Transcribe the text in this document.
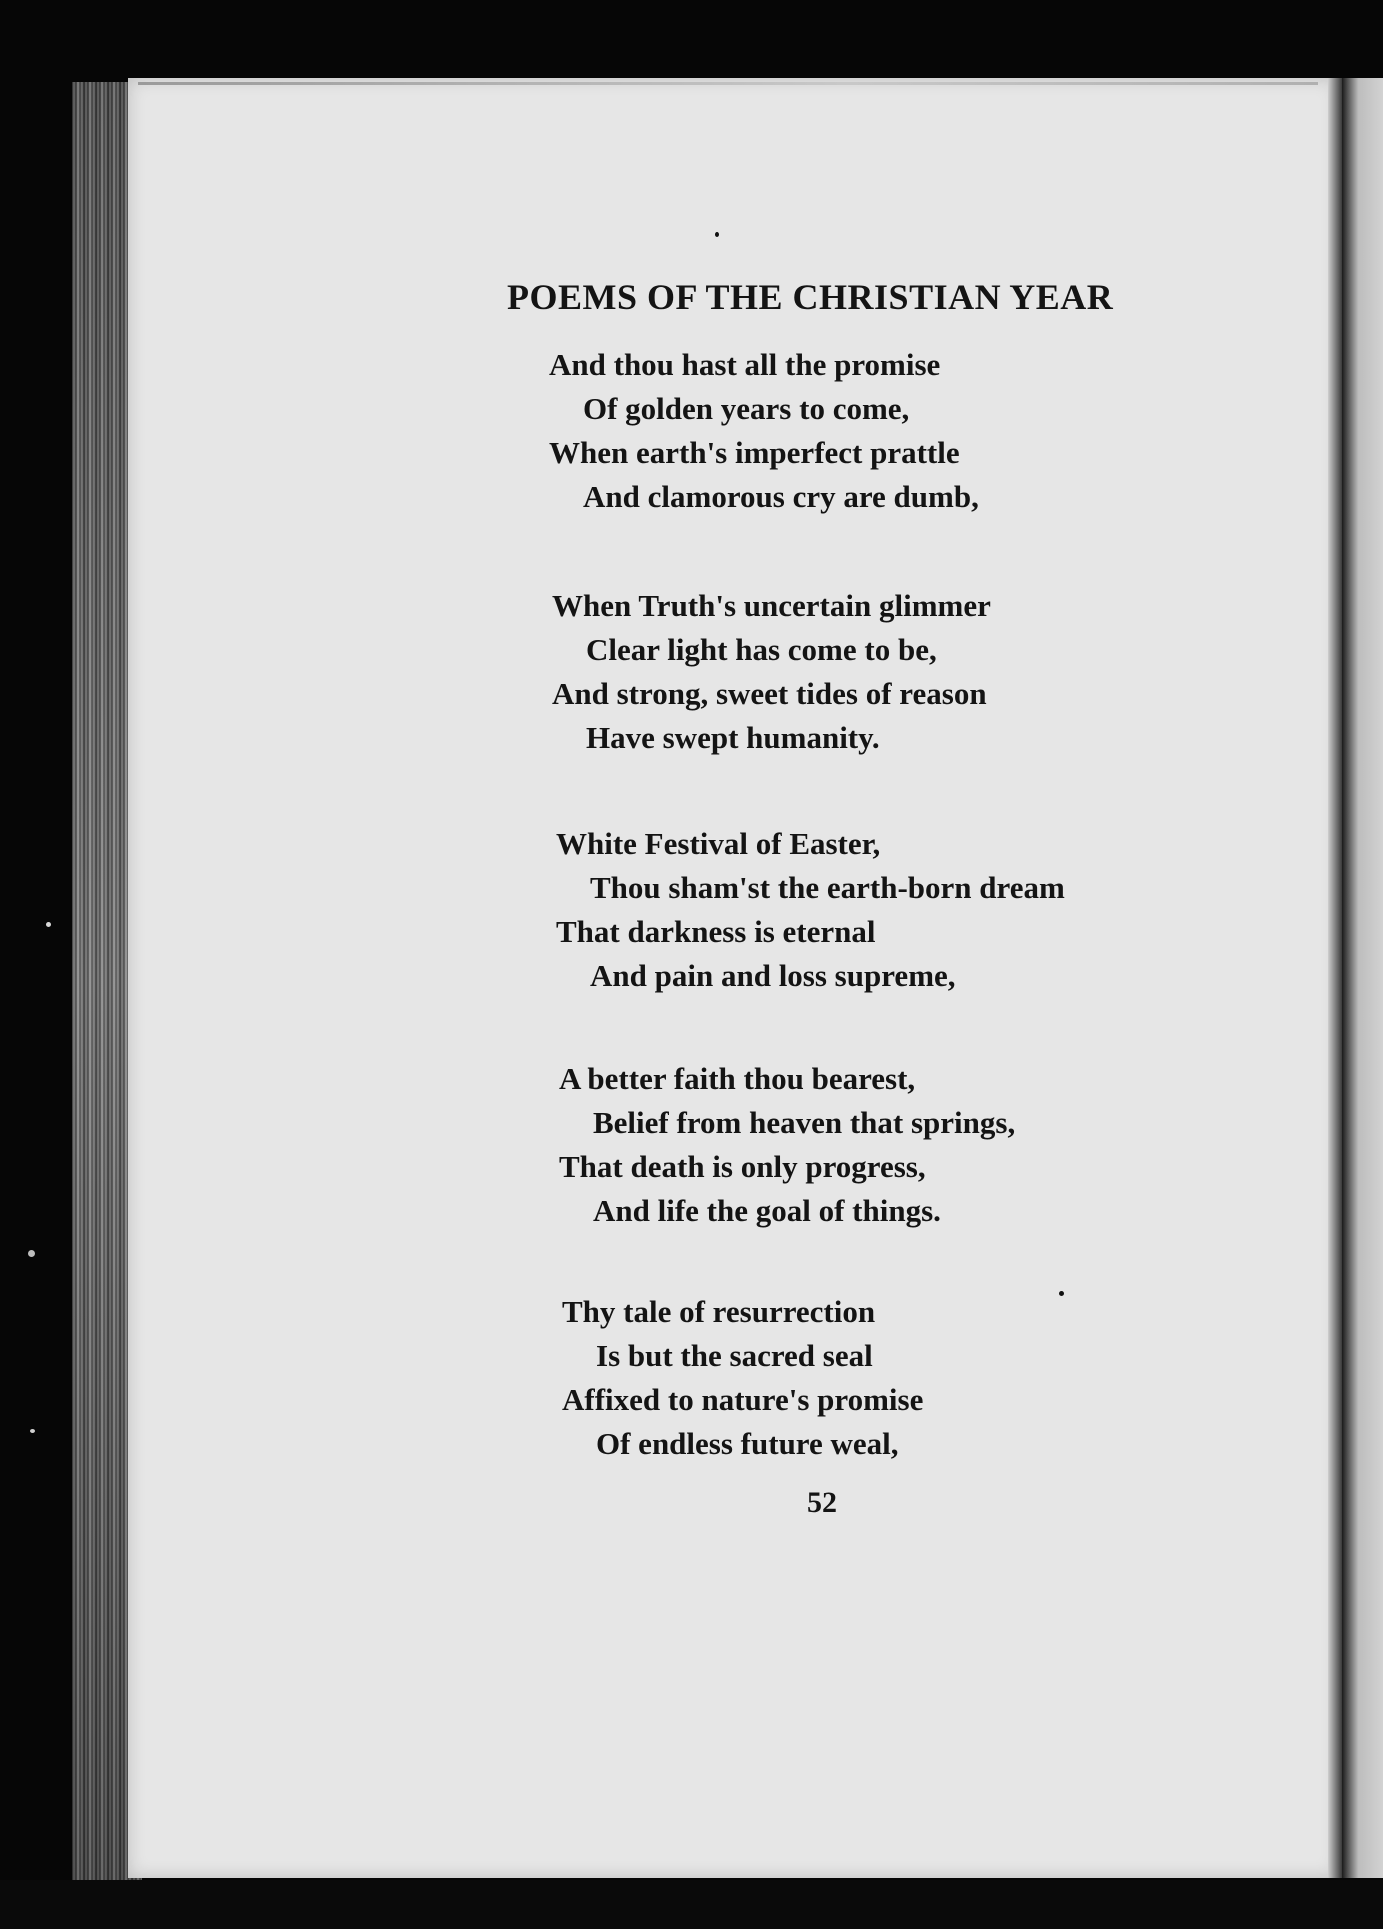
POEMS OF THE CHRISTIAN YEAR
And thou hast all the promise
Of golden years to come,
When earth's imperfect prattle
And clamorous cry are dumb,
When Truth's uncertain glimmer
Clear light has come to be,
And strong, sweet tides of reason
Have swept humanity.
White Festival of Easter,
Thou sham'st the earth-born dream
That darkness is eternal
And pain and loss supreme,
A better faith thou bearest,
Belief from heaven that springs,
That death is only progress,
And life the goal of things.
Thy tale of resurrection
Is but the sacred seal
Affixed to nature's promise
Of endless future weal,
52
